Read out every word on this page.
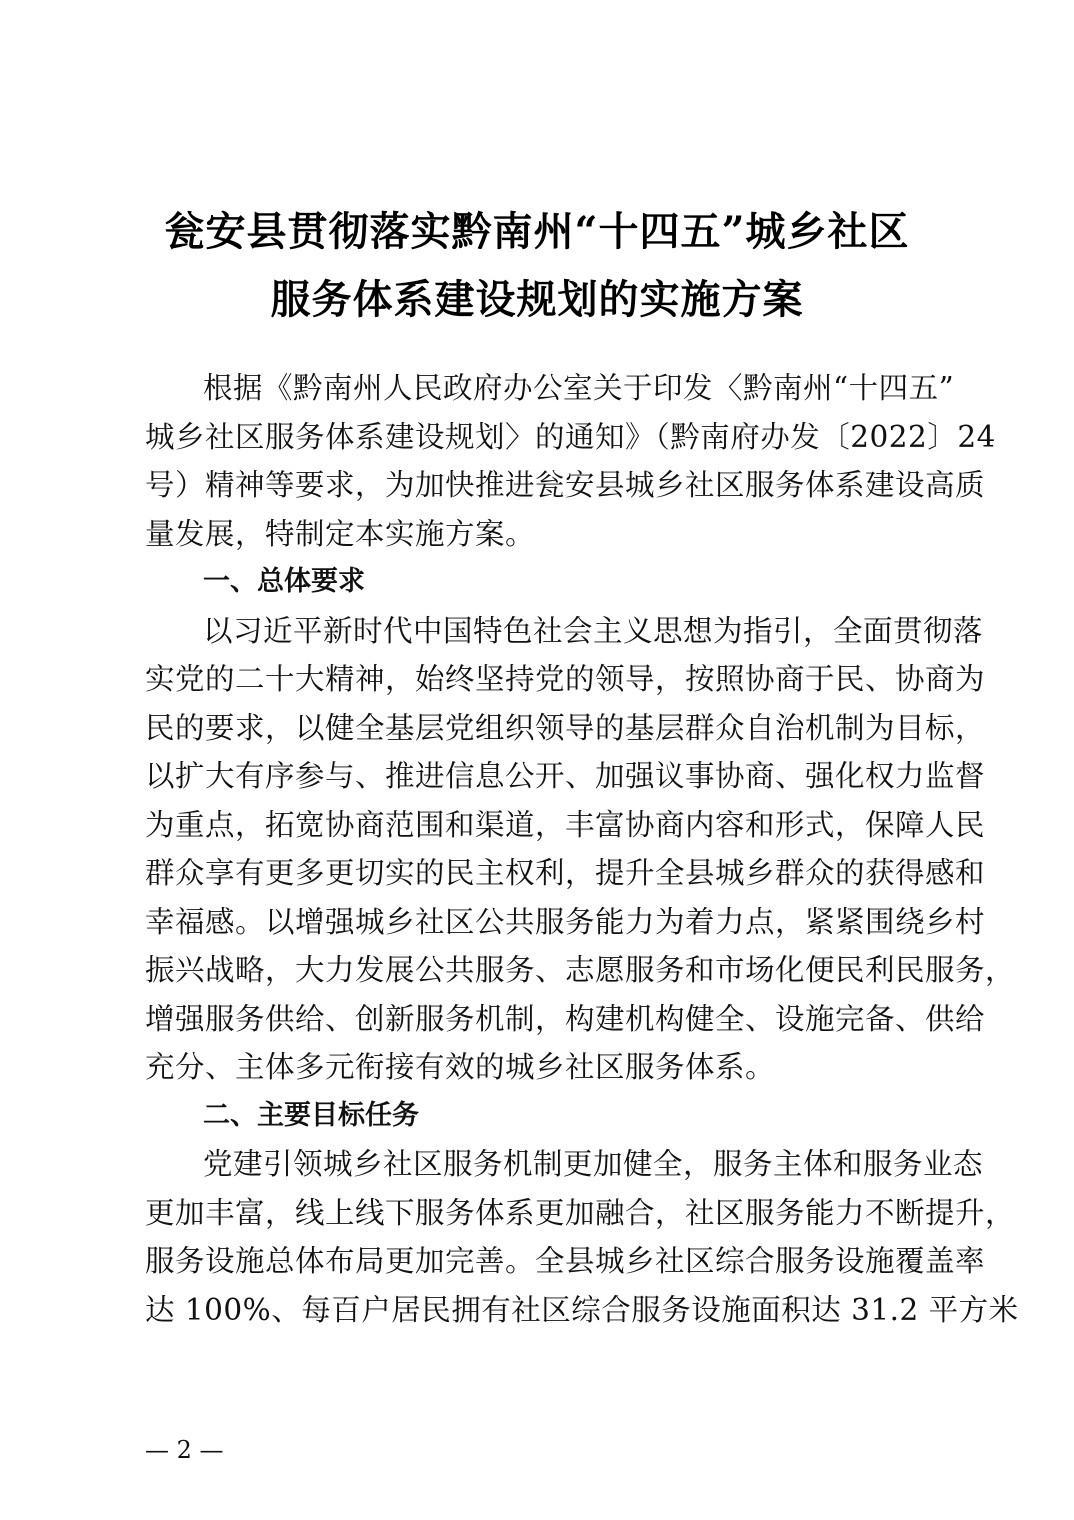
瓮安县贯彻落实黔南州“十四五”城乡社区
服务体系建设规划的实施方案
根据《黔南州人民政府办公室关于印发〈黔南州“十四五”
城乡社区服务体系建设规划〉的通知》（黔南府办发〔2022〕24
号）精神等要求，为加快推进瓮安县城乡社区服务体系建设高质
量发展，特制定本实施方案。
一、总体要求
以习近平新时代中国特色社会主义思想为指引，全面贯彻落
实党的二十大精神，始终坚持党的领导，按照协商于民、协商为
民的要求，以健全基层党组织领导的基层群众自治机制为目标，
以扩大有序参与、推进信息公开、加强议事协商、强化权力监督
为重点，拓宽协商范围和渠道，丰富协商内容和形式，保障人民
群众享有更多更切实的民主权利，提升全县城乡群众的获得感和
幸福感。以增强城乡社区公共服务能力为着力点，紧紧围绕乡村
振兴战略，大力发展公共服务、志愿服务和市场化便民利民服务，
增强服务供给、创新服务机制，构建机构健全、设施完备、供给
充分、主体多元衔接有效的城乡社区服务体系。
二、主要目标任务
党建引领城乡社区服务机制更加健全，服务主体和服务业态
更加丰富，线上线下服务体系更加融合，社区服务能力不断提升，
服务设施总体布局更加完善。全县城乡社区综合服务设施覆盖率
达 100%、每百户居民拥有社区综合服务设施面积达 31.2 平方米
— 2 —
